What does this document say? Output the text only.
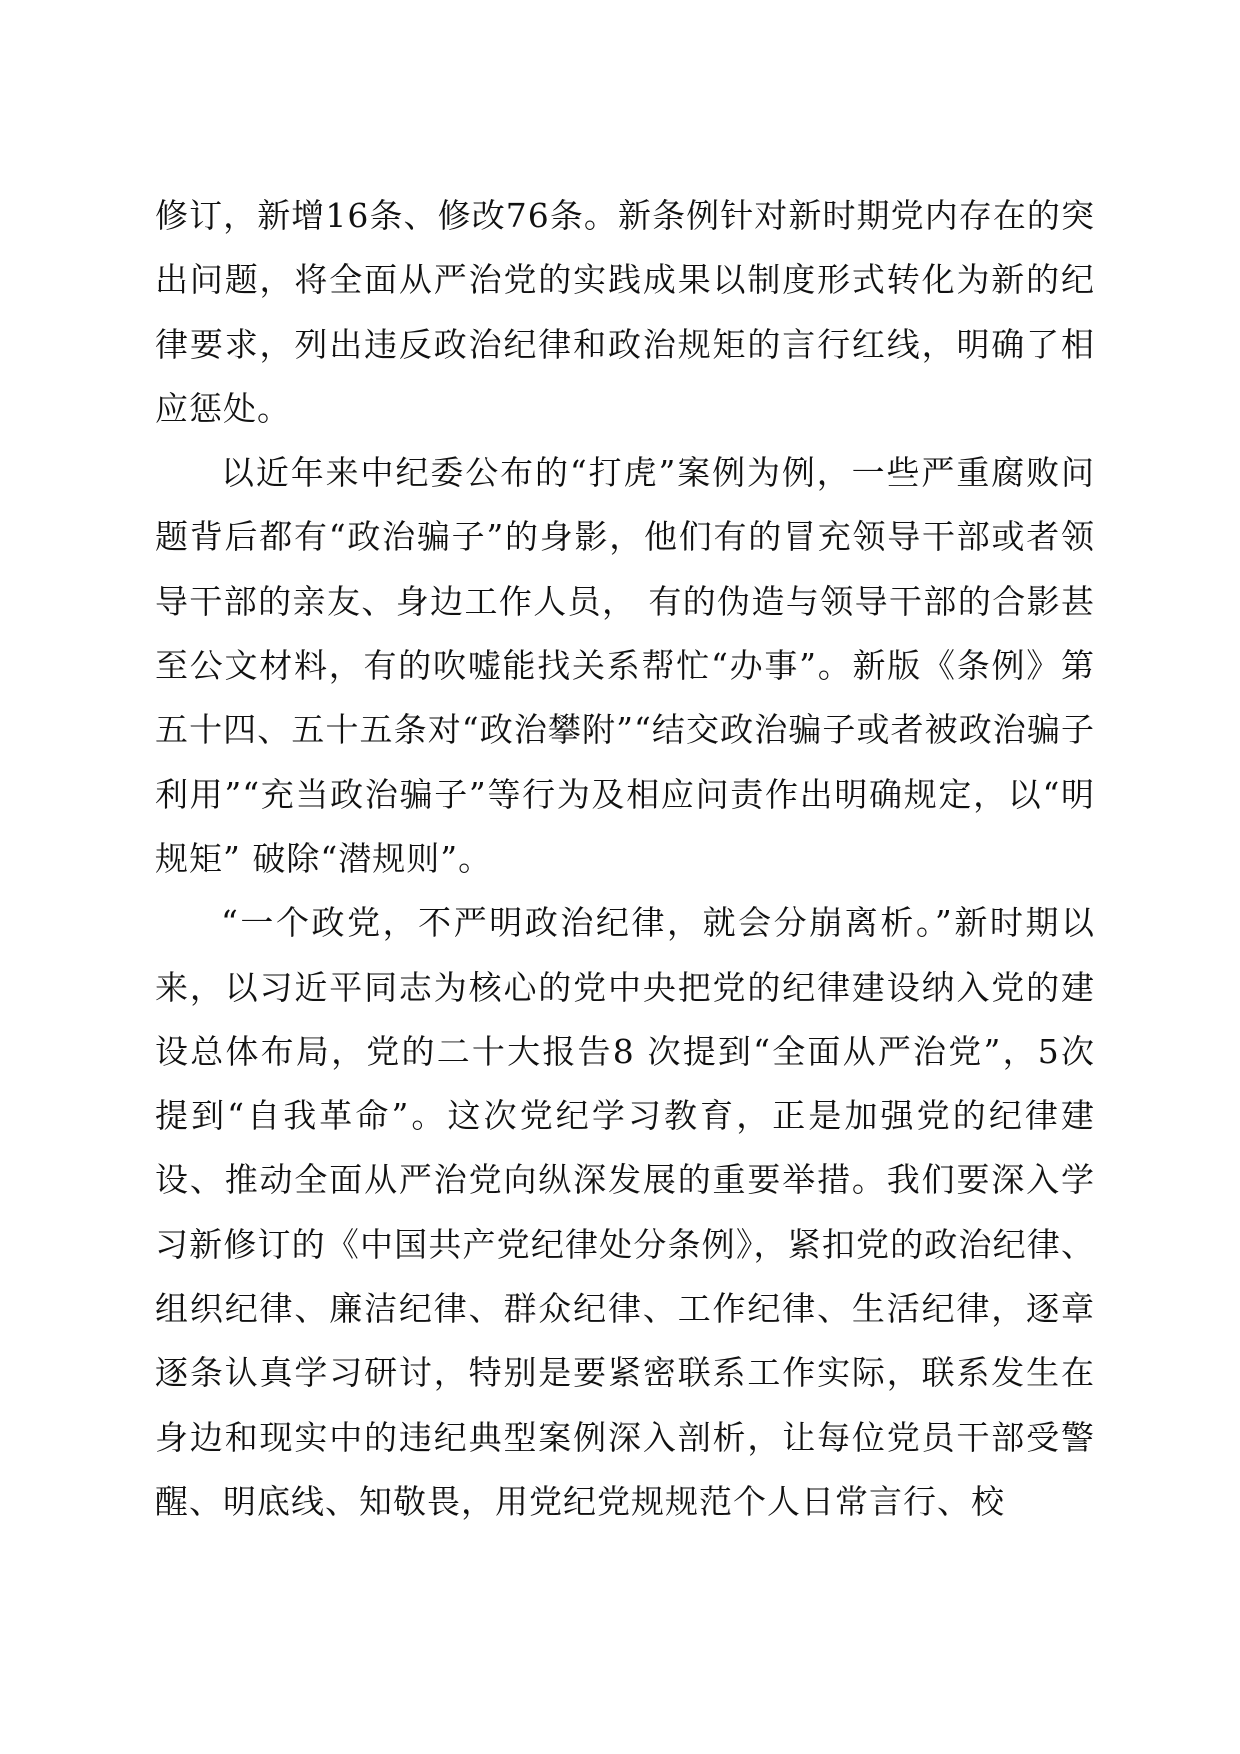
修订，新增16条、修改76条。新条例针对新时期党内存在的突出问题，将全面从严治党的实践成果以制度形式转化为新的纪律要求，列出违反政治纪律和政治规矩的言行红线，明确了相应惩处。

以近年来中纪委公布的“打虎”案例为例，一些严重腐败问题背后都有“政治骗子”的身影，他们有的冒充领导干部或者领导干部的亲友、身边工作人员， 有的伪造与领导干部的合影甚至公文材料，有的吹嘘能找关系帮忙“办事”。新版《条例》第五十四、五十五条对“政治攀附”“结交政治骗子或者被政治骗子利用”“充当政治骗子”等行为及相应问责作出明确规定，以“明规矩” 破除“潜规则”。

“一个政党，不严明政治纪律，就会分崩离析。”新时期以来，以习近平同志为核心的党中央把党的纪律建设纳入党的建设总体布局，党的二十大报告8 次提到“全面从严治党”，5次提到“自我革命”。这次党纪学习教育，正是加强党的纪律建设、推动全面从严治党向纵深发展的重要举措。我们要深入学习新修订的《中国共产党纪律处分条例》，紧扣党的政治纪律、组织纪律、廉洁纪律、群众纪律、工作纪律、生活纪律，逐章逐条认真学习研讨，特别是要紧密联系工作实际，联系发生在身边和现实中的违纪典型案例深入剖析，让每位党员干部受警醒、明底线、知敬畏，用党纪党规规范个人日常言行、校
